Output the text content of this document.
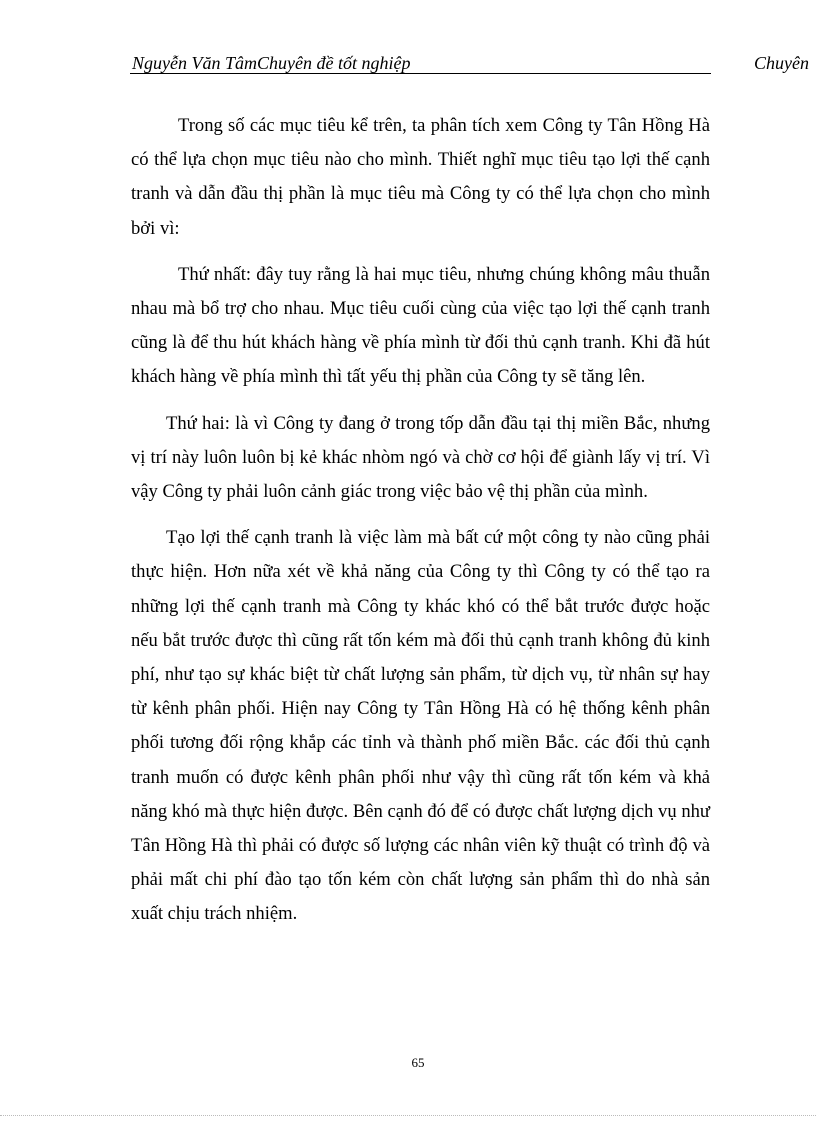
Nguyễn Văn TâmChuyên đề tốt nghiệp	Chuyên

Trong số các mục tiêu kể trên, ta phân tích xem Công ty Tân Hồng Hà có thể lựa chọn mục tiêu nào cho mình. Thiết nghĩ mục tiêu tạo lợi thế cạnh tranh và dẫn đầu thị phần là mục tiêu mà Công ty có thể lựa chọn cho mình bởi vì:

Thứ nhất: đây tuy rằng là hai mục tiêu, nhưng chúng không mâu thuẫn nhau mà bổ trợ cho nhau. Mục tiêu cuối cùng của việc tạo lợi thế cạnh tranh cũng là để thu hút khách hàng về phía mình từ đối thủ cạnh tranh. Khi đã hút khách hàng về phía mình thì tất yếu thị phần của Công ty sẽ tăng lên.

Thứ hai: là vì Công ty đang ở trong tốp dẫn đầu tại thị miền Bắc, nhưng vị trí này luôn luôn bị kẻ khác nhòm ngó và chờ cơ hội để giành lấy vị trí. Vì vậy Công ty phải luôn cảnh giác trong việc bảo vệ thị phần của mình.

Tạo lợi thế cạnh tranh là việc làm mà bất cứ một công ty nào cũng phải thực hiện. Hơn nữa xét về khả năng của Công ty thì Công ty có thể tạo ra những lợi thế cạnh tranh mà Công ty khác khó có thể bắt trước được hoặc nếu bắt trước được thì cũng rất tốn kém mà đối thủ cạnh tranh không đủ kinh phí, như tạo sự khác biệt từ chất lượng sản phẩm, từ dịch vụ, từ nhân sự hay từ kênh phân phối. Hiện nay Công ty Tân Hồng Hà có hệ thống kênh phân phối tương đối rộng khắp các tỉnh và thành phố miền Bắc. các đối thủ cạnh tranh muốn có được kênh phân phối như vậy thì cũng rất tốn kém và khả năng khó mà thực hiện được. Bên cạnh đó để có được chất lượng dịch vụ như Tân Hồng Hà thì phải có được số lượng các nhân viên kỹ thuật có trình độ và phải mất chi phí đào tạo tốn kém còn chất lượng sản phẩm thì do nhà sản xuất chịu trách nhiệm.

65
